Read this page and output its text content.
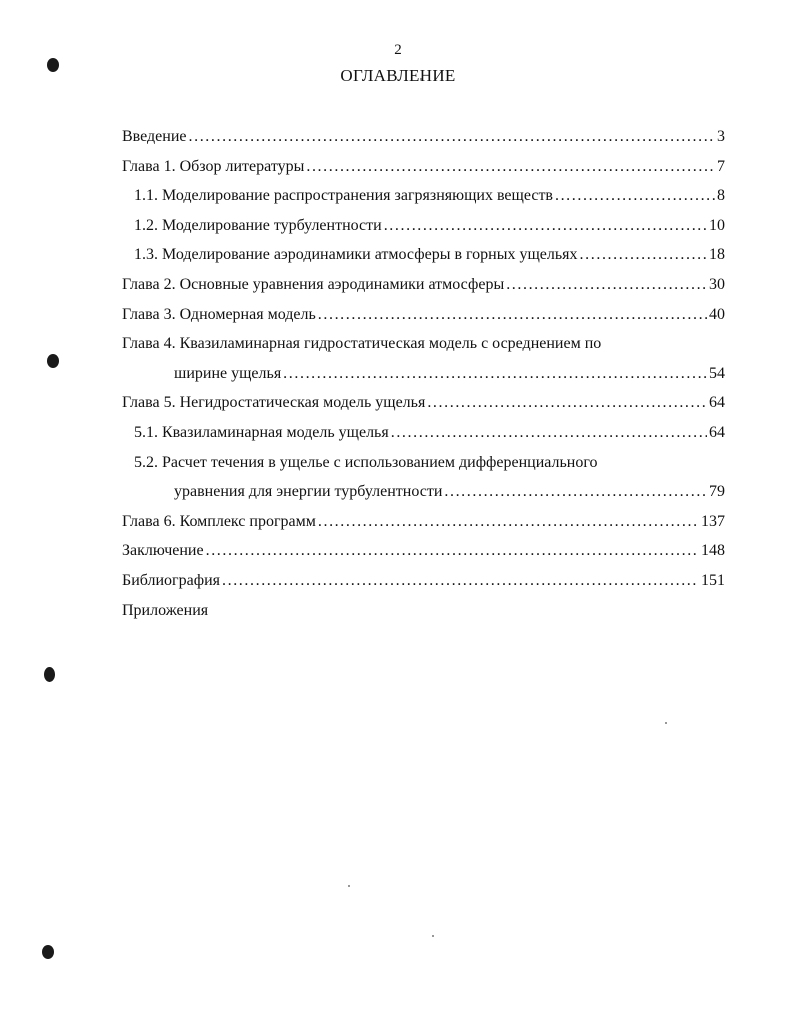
2
ОГЛАВЛЕНИЕ
Введение .....	3
Глава 1. Обзор литературы .....	7
1.1. Моделирование распространения загрязняющих веществ .....	8
1.2. Моделирование турбулентности .....	10
1.3. Моделирование аэродинамики атмосферы в горных ущельях .....	18
Глава 2. Основные уравнения аэродинамики атмосферы .....	30
Глава 3. Одномерная модель .....	40
Глава 4. Квазиламинарная гидростатическая модель с осреднением по
ширине ущелья .....	54
Глава 5. Негидростатическая модель ущелья .....	64
5.1. Квазиламинарная модель ущелья .....	64
5.2. Расчет течения в ущелье с использованием дифференциального
уравнения для энергии турбулентности .....	79
Глава 6. Комплекс программ .....	137
Заключение .....	148
Библиография .....	151
Приложения
